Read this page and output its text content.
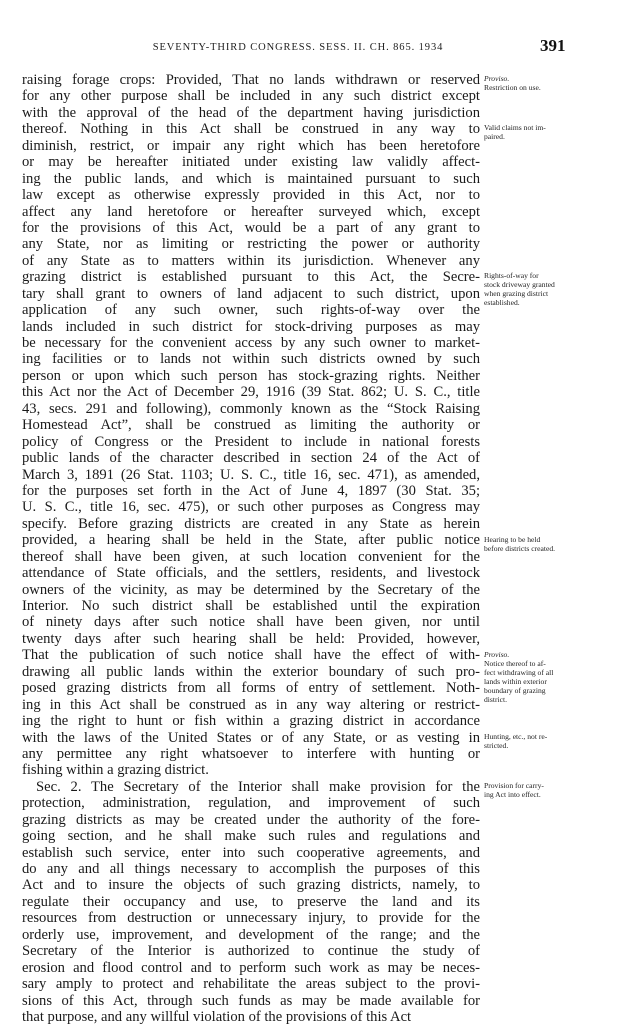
SEVENTY-THIRD CONGRESS. SESS. II. CH. 865. 1934	391
raising forage crops: Provided, That no lands withdrawn or reserved
for any other purpose shall be included in any such district except
with the approval of the head of the department having jurisdiction
thereof. Nothing in this Act shall be construed in any way to
diminish, restrict, or impair any right which has been heretofore
or may be hereafter initiated under existing law validly affect-
ing the public lands, and which is maintained pursuant to such
law except as otherwise expressly provided in this Act, nor to
affect any land heretofore or hereafter surveyed which, except
for the provisions of this Act, would be a part of any grant to
any State, nor as limiting or restricting the power or authority
of any State as to matters within its jurisdiction. Whenever any
grazing district is established pursuant to this Act, the Secre-
tary shall grant to owners of land adjacent to such district, upon
application of any such owner, such rights-of-way over the
lands included in such district for stock-driving purposes as may
be necessary for the convenient access by any such owner to market-
ing facilities or to lands not within such districts owned by such
person or upon which such person has stock-grazing rights. Neither
this Act nor the Act of December 29, 1916 (39 Stat. 862; U. S. C., title
43, secs. 291 and following), commonly known as the “Stock Raising
Homestead Act”, shall be construed as limiting the authority or
policy of Congress or the President to include in national forests
public lands of the character described in section 24 of the Act of
March 3, 1891 (26 Stat. 1103; U. S. C., title 16, sec. 471), as amended,
for the purposes set forth in the Act of June 4, 1897 (30 Stat. 35;
U. S. C., title 16, sec. 475), or such other purposes as Congress may
specify. Before grazing districts are created in any State as herein
provided, a hearing shall be held in the State, after public notice
thereof shall have been given, at such location convenient for the
attendance of State officials, and the settlers, residents, and livestock
owners of the vicinity, as may be determined by the Secretary of the
Interior. No such district shall be established until the expiration
of ninety days after such notice shall have been given, nor until
twenty days after such hearing shall be held: Provided, however,
That the publication of such notice shall have the effect of with-
drawing all public lands within the exterior boundary of such pro-
posed grazing districts from all forms of entry of settlement. Noth-
ing in this Act shall be construed as in any way altering or restrict-
ing the right to hunt or fish within a grazing district in accordance
with the laws of the United States or of any State, or as vesting in
any permittee any right whatsoever to interfere with hunting or
fishing within a grazing district.
Sec. 2. The Secretary of the Interior shall make provision for the
protection, administration, regulation, and improvement of such
grazing districts as may be created under the authority of the fore-
going section, and he shall make such rules and regulations and
establish such service, enter into such cooperative agreements, and
do any and all things necessary to accomplish the purposes of this
Act and to insure the objects of such grazing districts, namely, to
regulate their occupancy and use, to preserve the land and its
resources from destruction or unnecessary injury, to provide for the
orderly use, improvement, and development of the range; and the
Secretary of the Interior is authorized to continue the study of
erosion and flood control and to perform such work as may be neces-
sary amply to protect and rehabilitate the areas subject to the provi-
sions of this Act, through such funds as may be made available for
that purpose, and any willful violation of the provisions of this Act
Proviso.
Restriction on use.
Valid claims not im-
paired.
Rights-of-way for
stock driveway granted
when grazing district
established.
Hearing to be held
before districts created.
Proviso.
Notice thereof to af-
fect withdrawing of all
lands within exterior
boundary of grazing
district.
Hunting, etc., not re-
stricted.
Provision for carry-
ing Act into effect.
